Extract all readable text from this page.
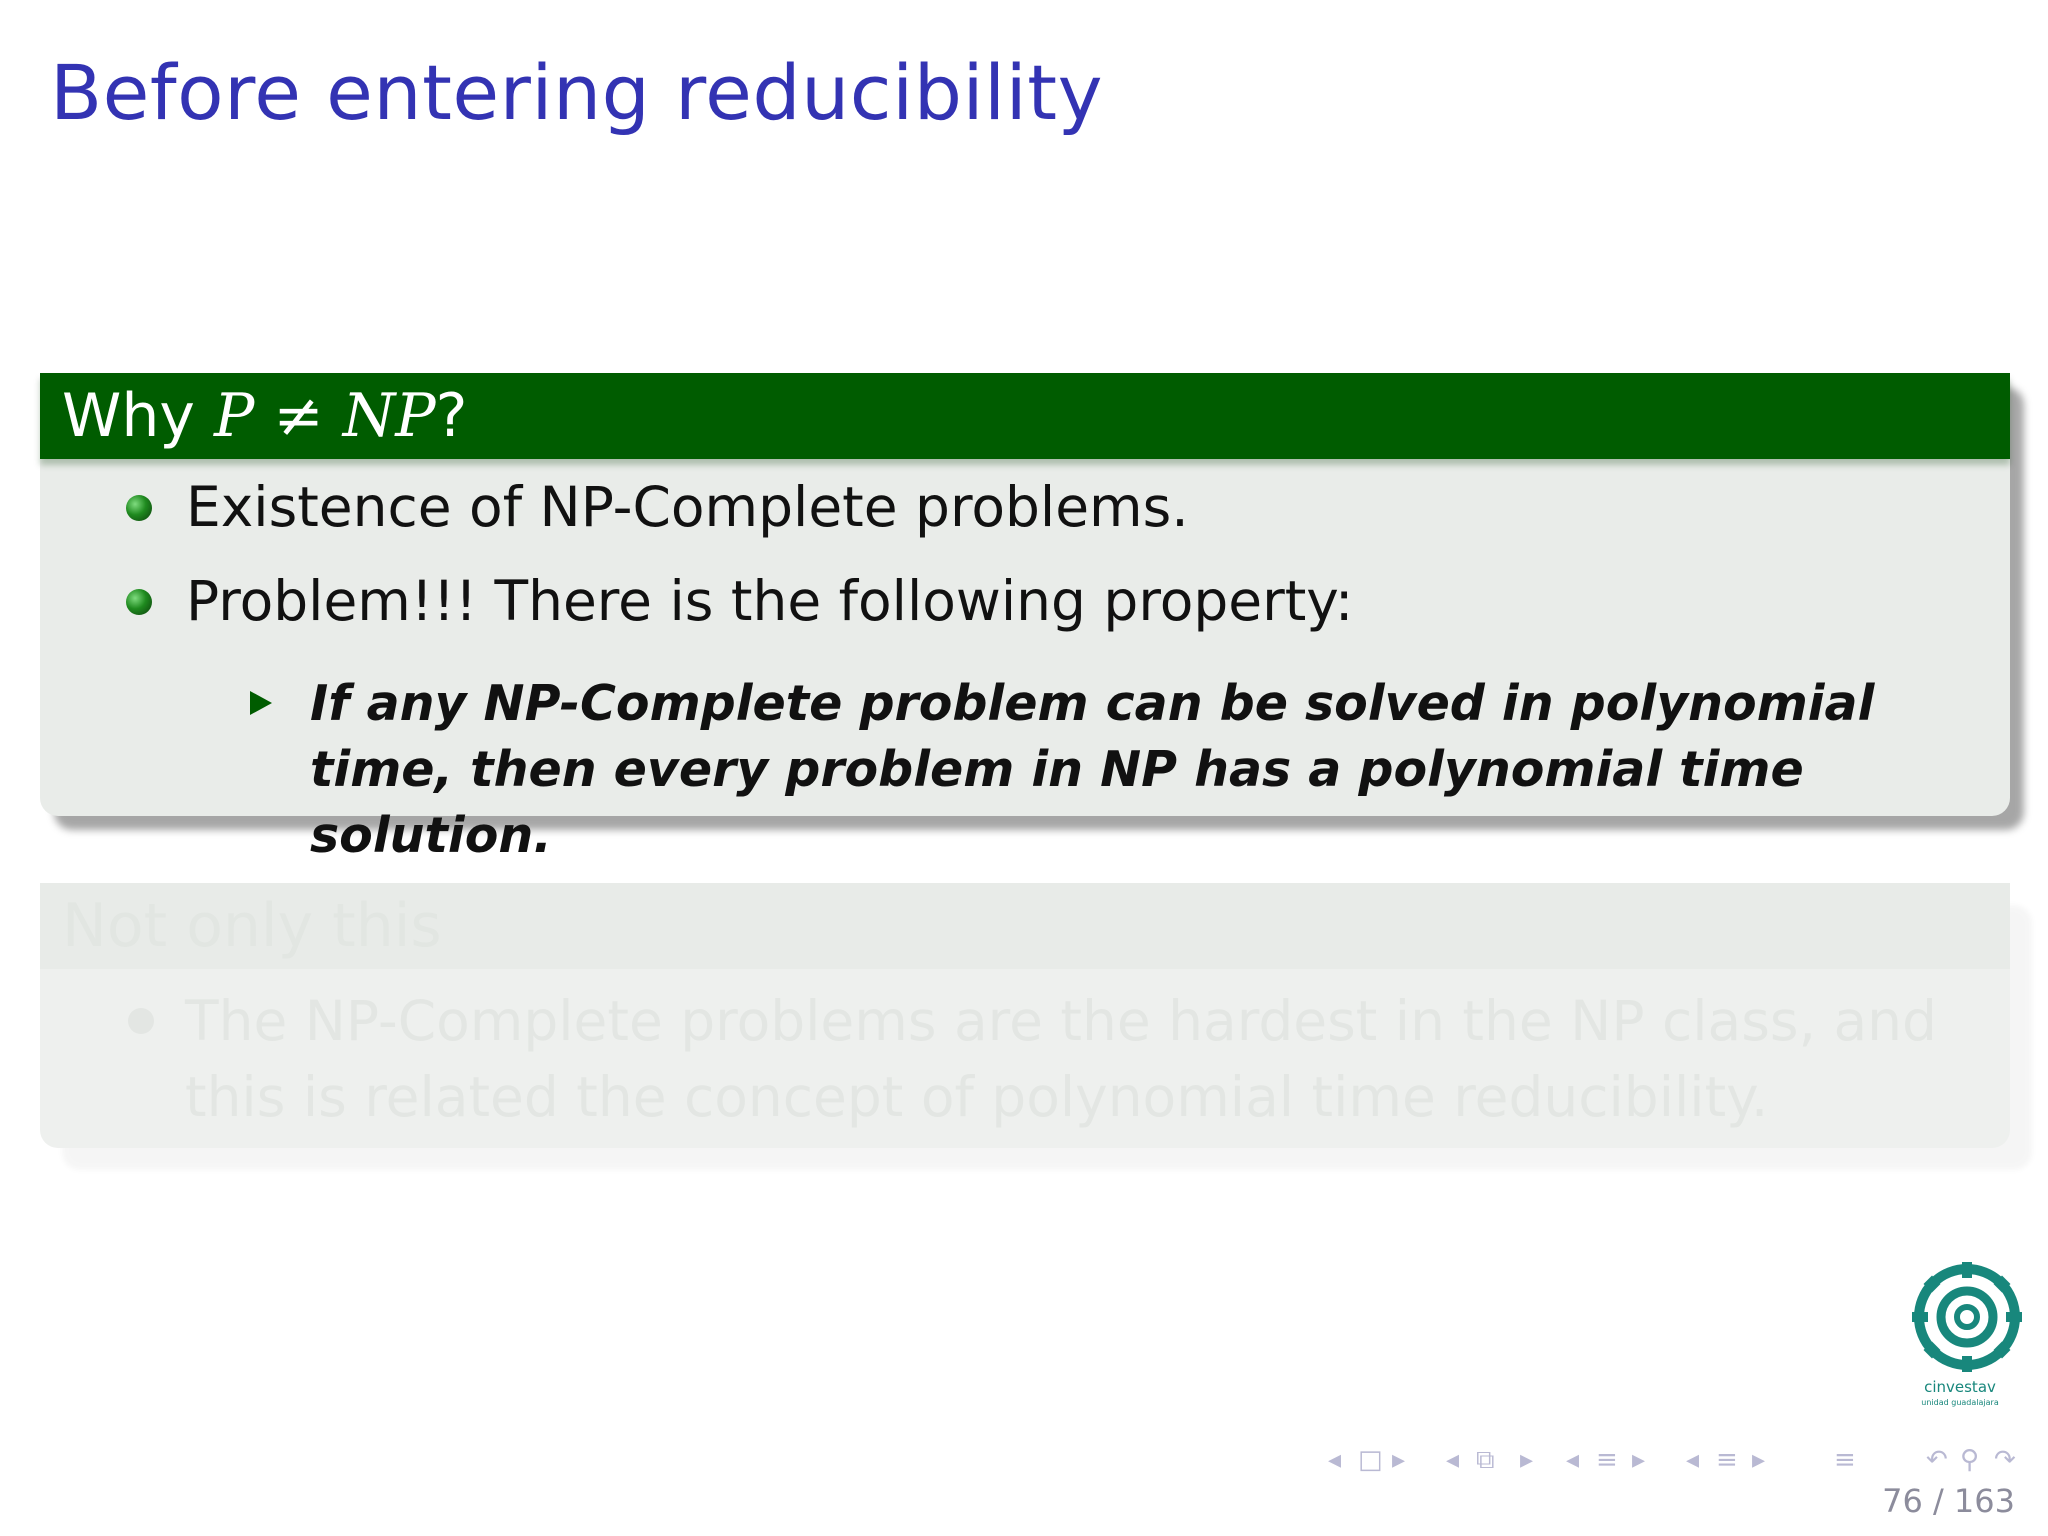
Before entering reducibility
Why P ≠ NP?
Existence of NP-Complete problems.
Problem!!! There is the following property:
If any NP-Complete problem can be solved in polynomial time, then every problem in NP has a polynomial time solution.
Not only this
The NP-Complete problems are the hardest in the NP class, and this is related the concept of polynomial time reducibility.
cinvestav
unidad guadalajara
◂ □ ▸ ◂ ⧉ ▸ ◂ ≡ ▸ ◂ ≡ ▸	≡	↶ ⚲ ↷
76 / 163
